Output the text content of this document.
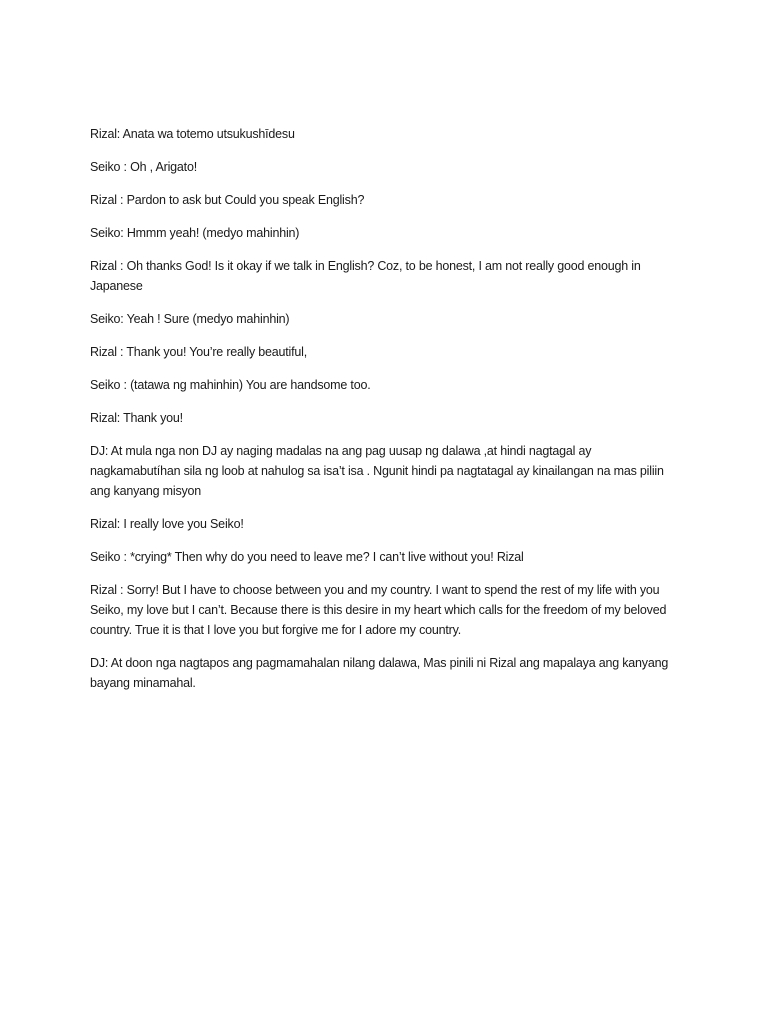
Rizal: Anata wa totemo utsukushīdesu

Seiko : Oh , Arigato!

Rizal : Pardon to ask but Could you speak English?

Seiko: Hmmm yeah! (medyo mahinhin)

Rizal : Oh thanks God! Is it okay if we talk in English? Coz, to be honest, I am not really good enough in Japanese

Seiko: Yeah ! Sure (medyo mahinhin)

Rizal : Thank you! You’re really beautiful,

Seiko : (tatawa ng mahinhin) You are handsome too.

Rizal: Thank you!

DJ: At mula nga non DJ ay naging madalas na ang pag uusap ng dalawa ,at hindi nagtagal ay nagkamabutíhan sila ng loob at nahulog sa isa’t isa . Ngunit hindi pa nagtatagal ay kinailangan na mas piliin ang kanyang misyon

Rizal: I really love you Seiko!

Seiko : *crying* Then why do you need to leave me? I can’t live without you! Rizal

Rizal : Sorry! But I have to choose between you and my country. I want to spend the rest of my life with you Seiko, my love but I can’t. Because there is this desire in my heart which calls for the freedom of my beloved country. True it is that I love you but forgive me for I adore my country.

DJ: At doon nga nagtapos ang pagmamahalan nilang dalawa, Mas pinili ni Rizal ang mapalaya ang kanyang bayang minamahal.
